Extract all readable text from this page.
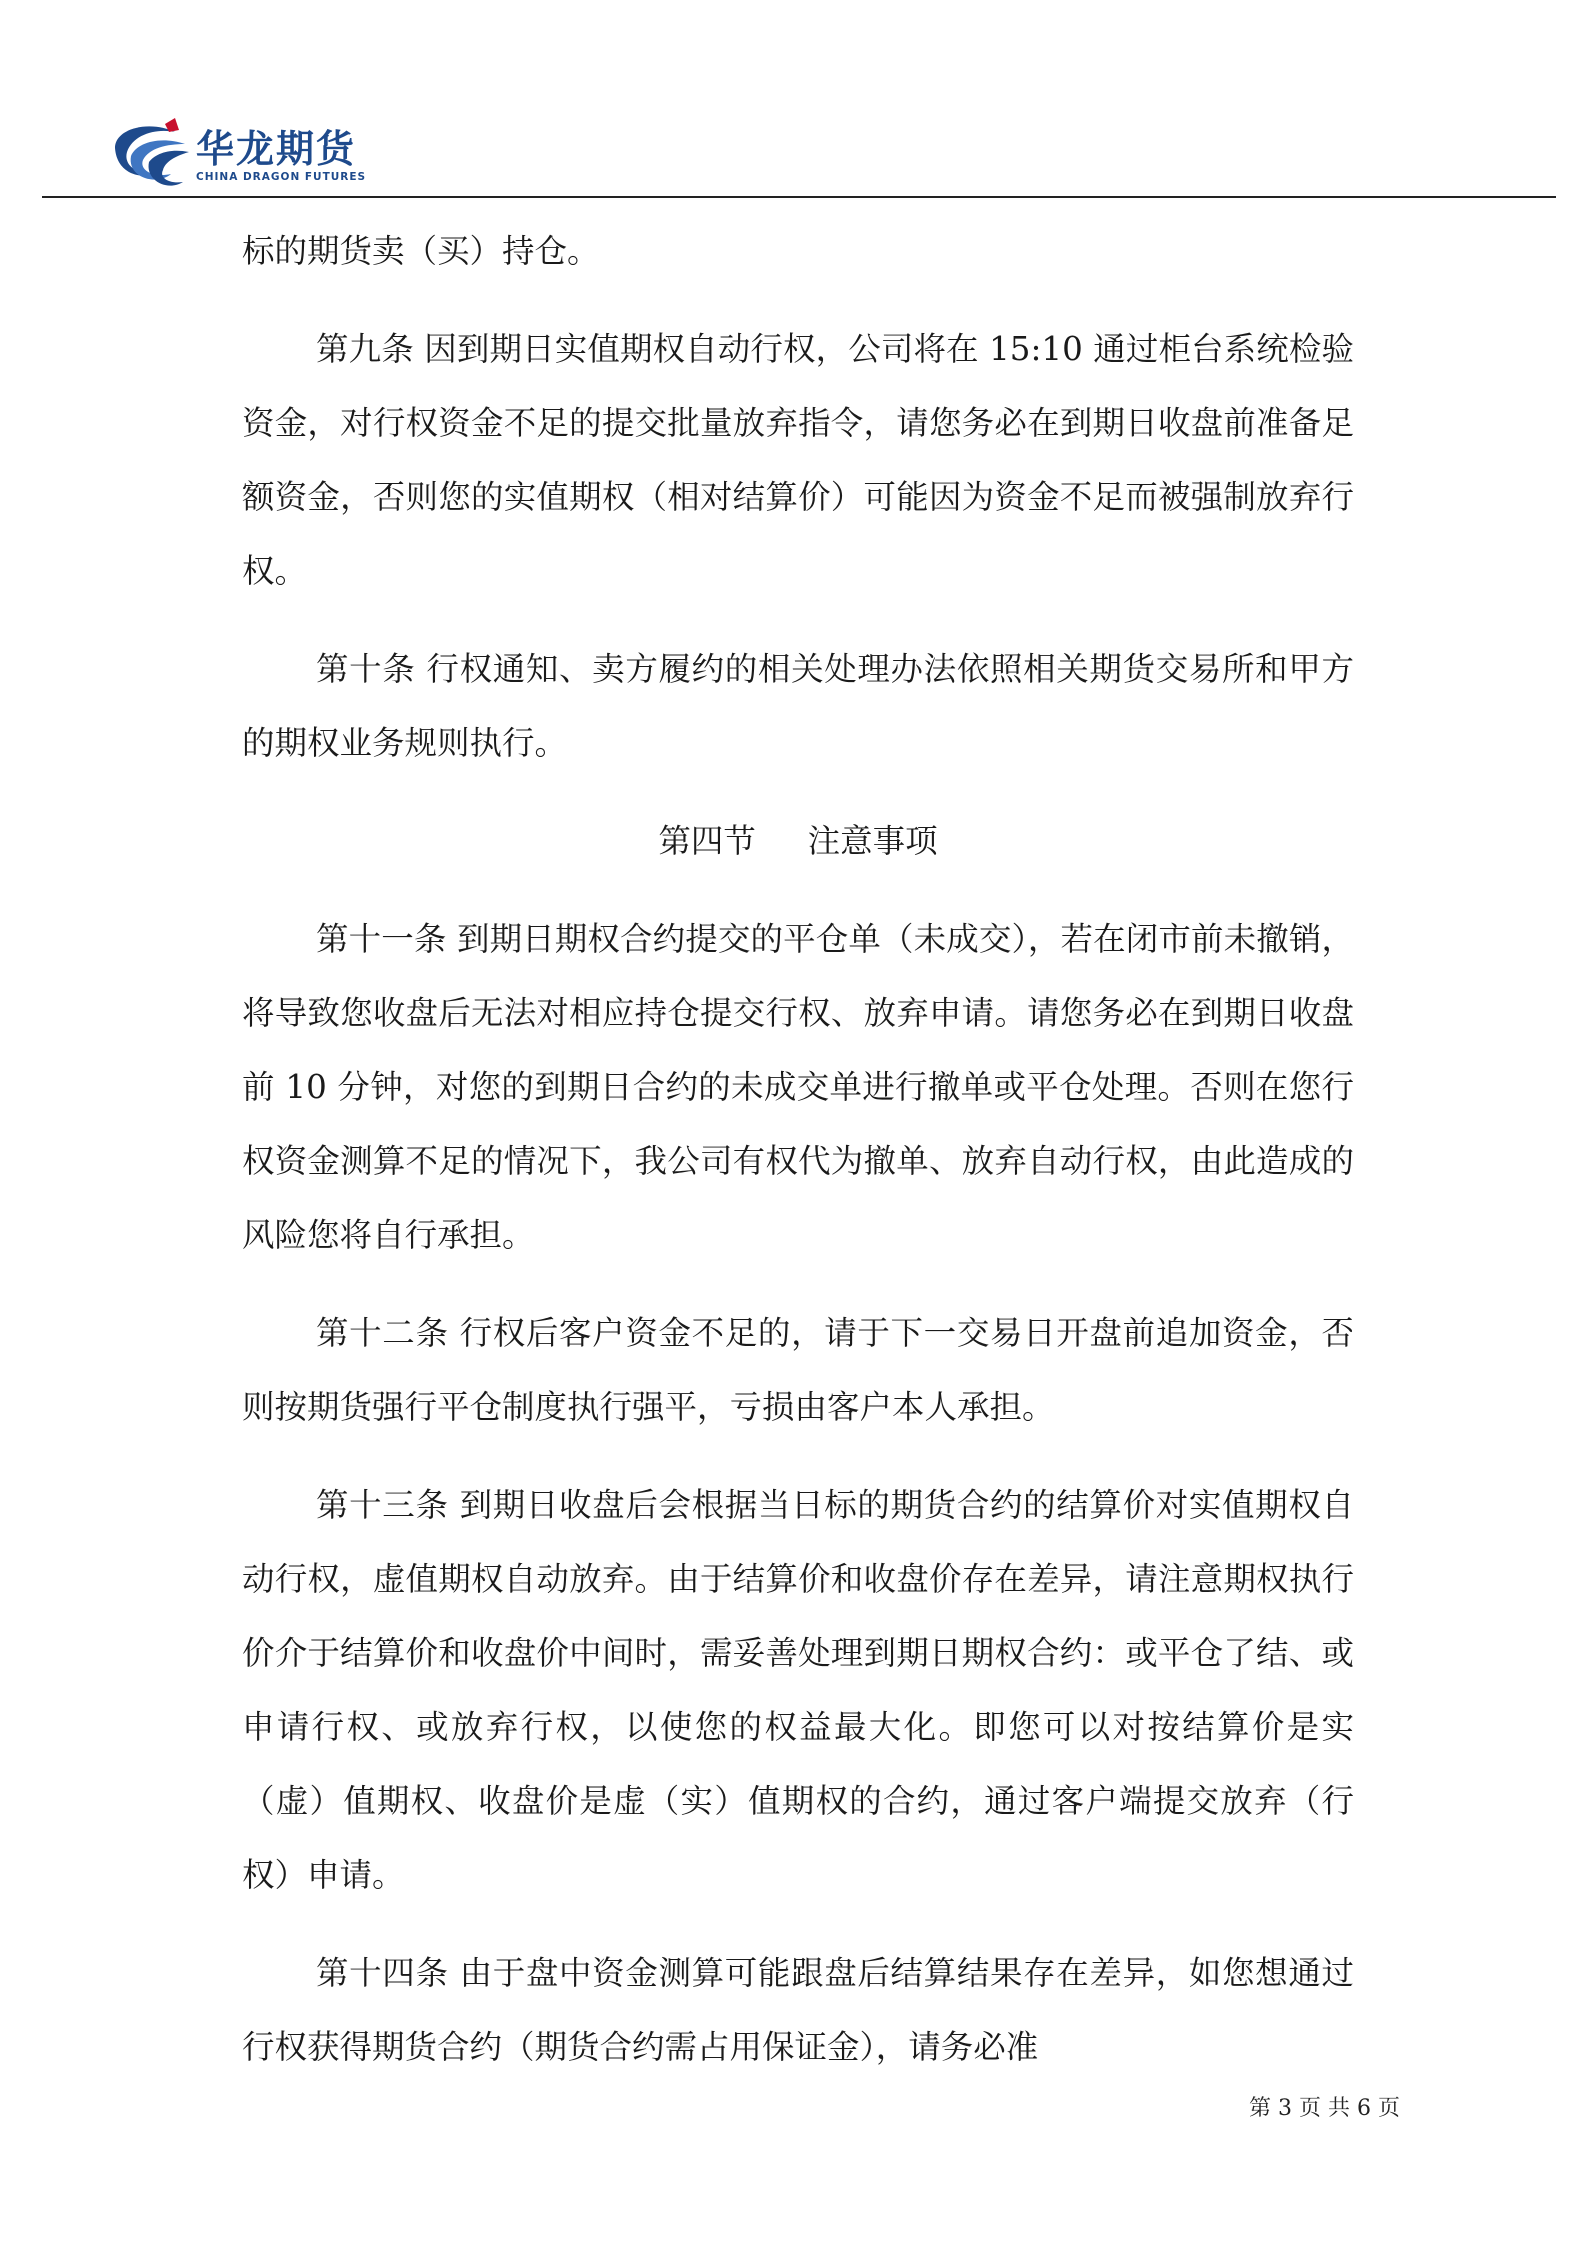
华龙期货
CHINA DRAGON FUTURES

标的期货卖（买）持仓。

第九条 因到期日实值期权自动行权，公司将在 15:10 通过柜台系统检验资金，对行权资金不足的提交批量放弃指令，请您务必在到期日收盘前准备足额资金，否则您的实值期权（相对结算价）可能因为资金不足而被强制放弃行权。

第十条 行权通知、卖方履约的相关处理办法依照相关期货交易所和甲方的期权业务规则执行。

第四节     注意事项

第十一条 到期日期权合约提交的平仓单（未成交），若在闭市前未撤销，将导致您收盘后无法对相应持仓提交行权、放弃申请。请您务必在到期日收盘前 10 分钟，对您的到期日合约的未成交单进行撤单或平仓处理。否则在您行权资金测算不足的情况下，我公司有权代为撤单、放弃自动行权，由此造成的风险您将自行承担。

第十二条 行权后客户资金不足的，请于下一交易日开盘前追加资金，否则按期货强行平仓制度执行强平，亏损由客户本人承担。

第十三条 到期日收盘后会根据当日标的期货合约的结算价对实值期权自动行权，虚值期权自动放弃。由于结算价和收盘价存在差异，请注意期权执行价介于结算价和收盘价中间时，需妥善处理到期日期权合约：或平仓了结、或申请行权、或放弃行权，以使您的权益最大化。即您可以对按结算价是实（虚）值期权、收盘价是虚（实）值期权的合约，通过客户端提交放弃（行权）申请。

第十四条 由于盘中资金测算可能跟盘后结算结果存在差异，如您想通过行权获得期货合约（期货合约需占用保证金），请务必准

第 3 页 共 6 页
